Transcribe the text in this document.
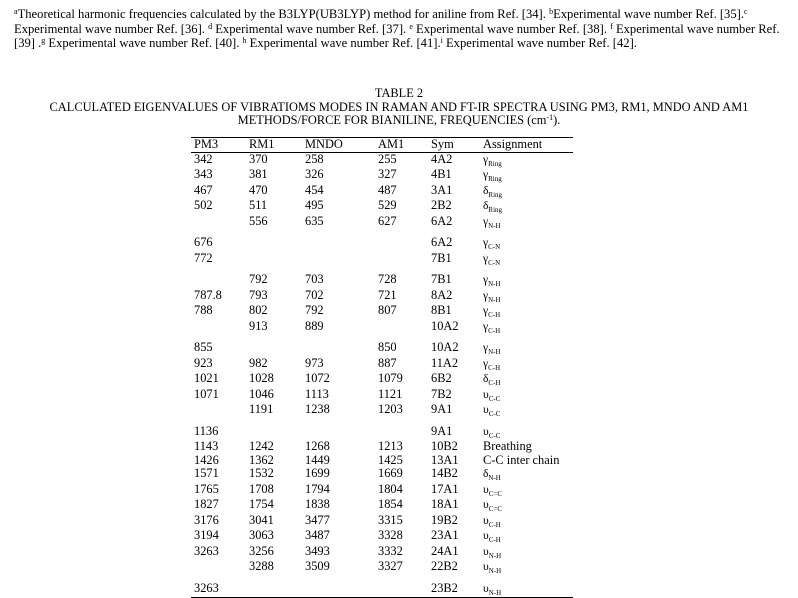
$^a$Theoretical harmonic frequencies calculated by the B3LYP(UB3LYP) method for aniline from Ref. [34]. $^b$Experimental wave number Ref. [35].$^c$ Experimental wave number Ref. [36]. $^d$ Experimental wave number Ref. [37]. $^e$ Experimental wave number Ref. [38]. $^f$ Experimental wave number Ref. [39] .$^g$ Experimental wave number Ref. [40]. $^h$ Experimental wave number Ref. [41].$^i$ Experimental wave number Ref. [42].
TABLE 2
CALCULATED EIGENVALUES OF VIBRATIOMS MODES IN RAMAN AND FT-IR SPECTRA USING PM3, RM1, MNDO AND AM1
METHODS/FORCE FOR BIANILINE, FREQUENCIES $(cm^{-1})$.
PM3	RM1	MNDO	AM1	Sym	Assignment
342	370	258	255	4A2	$\gamma_{Ring}$
343	381	326	327	4B1	$\gamma_{Ring}$
467	470	454	487	3A1	$\delta_{Ring}$
502	511	495	529	2B2	$\delta_{Ring}$
	556	635	627	6A2	$\gamma_{N-H}$

676				6A2	$\gamma_{C-N}$
772				7B1	$\gamma_{C-N}$

	792	703	728	7B1	$\gamma_{N-H}$
787.8	793	702	721	8A2	$\gamma_{N-H}$
788	802	792	807	8B1	$\gamma_{C-H}$
	913	889		10A2	$\gamma_{C-H}$

855			850	10A2	$\gamma_{N-H}$
923	982	973	887	11A2	$\gamma_{C-H}$
1021	1028	1072	1079	6B2	$\delta_{C-H}$
1071	1046	1113	1121	7B2	$\upsilon_{C-C}$
	1191	1238	1203	9A1	$\upsilon_{C-C}$

1136				9A1	$\upsilon_{C-C}$
1143	1242	1268	1213	10B2	Breathing
1426	1362	1449	1425	13A1	C-C inter chain
1571	1532	1699	1669	14B2	$\delta_{N-H}$
1765	1708	1794	1804	17A1	$\upsilon_{C=C}$
1827	1754	1838	1854	18A1	$\upsilon_{C=C}$
3176	3041	3477	3315	19B2	$\upsilon_{C-H}$
3194	3063	3487	3328	23A1	$\upsilon_{C-H}$
3263	3256	3493	3332	24A1	$\upsilon_{N-H}$
	3288	3509	3327	22B2	$\upsilon_{N-H}$

3263				23B2	$\upsilon_{N-H}$
